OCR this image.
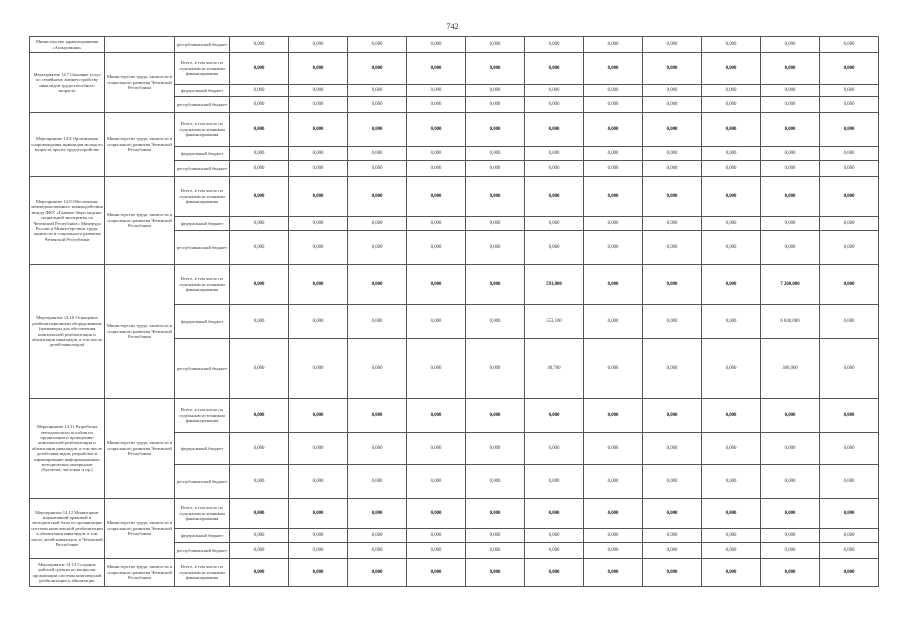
742
Министерства здравоохранения «Ахмадчиниа»		республиканский бюджет	0,000	0,000	0,000	0,000	0,000	0,000	0,000	0,000	0,000	0,000	0,000
Мероприятие 14.7 Оказание услуг по семейному жизнеустройству инвалидов трудоспособного возраста	Министерство труда, занятости и социального развития Чеченской Республики	Всего, в том числе по отдельным источникам финансирования	0,000	0,000	0,000	0,000	0,000	0,000	0,000	0,000	0,000	0,000	0,000
		федеральный бюджет	0,000	0,000	0,000	0,000	0,000	0,000	0,000	0,000	0,000	0,000	0,000
		республиканский бюджет	0,000	0,000	0,000	0,000	0,000	0,000	0,000	0,000	0,000	0,000	0,000
Мероприятие 14.8 Организация сопровождения инвалидов молодого возраста при их трудоустройстве	Министерство труда, занятости и социального развития Чеченской Республики	Всего, в том числе по отдельным источникам финансирования	0,000	0,000	0,000	0,000	0,000	0,000	0,000	0,000	0,000	0,000	0,000
		федеральный бюджет	0,000	0,000	0,000	0,000	0,000	0,000	0,000	0,000	0,000	0,000	0,000
		республиканский бюджет	0,000	0,000	0,000	0,000	0,000	0,000	0,000	0,000	0,000	0,000	0,000
Мероприятие 14.9 Обеспечение межведомственного взаимодействия между ФКУ «Главное бюро медико-социальной экспертизы по Чеченской Республике» Минтруда России и Министерством труда, занятости и социального развития Чеченской Республики	Министерство труда, занятости и социального развития Чеченской Республики	Всего, в том числе по отдельным источникам финансирования	0,000	0,000	0,000	0,000	0,000	0,000	0,000	0,000	0,000	0,000	0,000
		федеральный бюджет	0,000	0,000	0,000	0,000	0,000	0,000	0,000	0,000	0,000	0,000	0,000
		республиканский бюджет	0,000	0,000	0,000	0,000	0,000	0,000	0,000	0,000	0,000	0,000	0,000
Мероприятие 14.10 Оснащение реабилитационным оборудованием (тренажеры для обеспечения комплексной реабилитации и абилитации инвалидов, в том числе детей-инвалидов)	Министерство труда, занятости и социального развития Чеченской Республики	Всего, в том числе по отдельным источникам финансирования	0,000	0,000	0,000	0,000	0,000	593,800	0,000	0,000	0,000	7 200,000	0,000
		федеральный бюджет	0,000	0,000	0,000	0,000	0,000	553,100	0,000	0,000	0,000	6 840,000	0,000
		республиканский бюджет	0,000	0,000	0,000	0,000	0,000	40,700	0,000	0,000	0,000	360,000	0,000
Мероприятие 14.11 Разработка методического пособия по организации и проведению комплексной реабилитации и абилитации инвалидов, в том числе детей-инвалидов, разработка и тиражирование информационных, методических материалов (буклетов, листовок и пр.)	Министерство труда, занятости и социального развития Чеченской Республики	Всего, в том числе по отдельным источникам финансирования	0,000	0,000	0,000	0,000	0,000	0,000	0,000	0,000	0,000	0,000	0,000
		федеральный бюджет	0,000	0,000	0,000	0,000	0,000	0,000	0,000	0,000	0,000	0,000	0,000
		республиканский бюджет	0,000	0,000	0,000	0,000	0,000	0,000	0,000	0,000	0,000	0,000	0,000
Мероприятие 14.12 Мониторинг нормативной правовой и методической базы по организации системы комплексной реабилитации и абилитации инвалидов, в том числе детей-инвалидов, в Чеченской Республике	Министерство труда, занятости и социального развития Чеченской Республики	Всего, в том числе по отдельным источникам финансирования	0,000	0,000	0,000	0,000	0,000	0,000	0,000	0,000	0,000	0,000	0,000
		федеральный бюджет	0,000	0,000	0,000	0,000	0,000	0,000	0,000	0,000	0,000	0,000	0,000
		республиканский бюджет	0,000	0,000	0,000	0,000	0,000	0,000	0,000	0,000	0,000	0,000	0,000
Мероприятие 14.13 Создание рабочей группы по вопросам организации системы комплексной реабилитации и абилитации	Министерство труда, занятости и социального развития Чеченской Республики	Всего, в том числе по отдельным источникам финансирования	0,000	0,000	0,000	0,000	0,000	0,000	0,000	0,000	0,000	0,000	0,000
